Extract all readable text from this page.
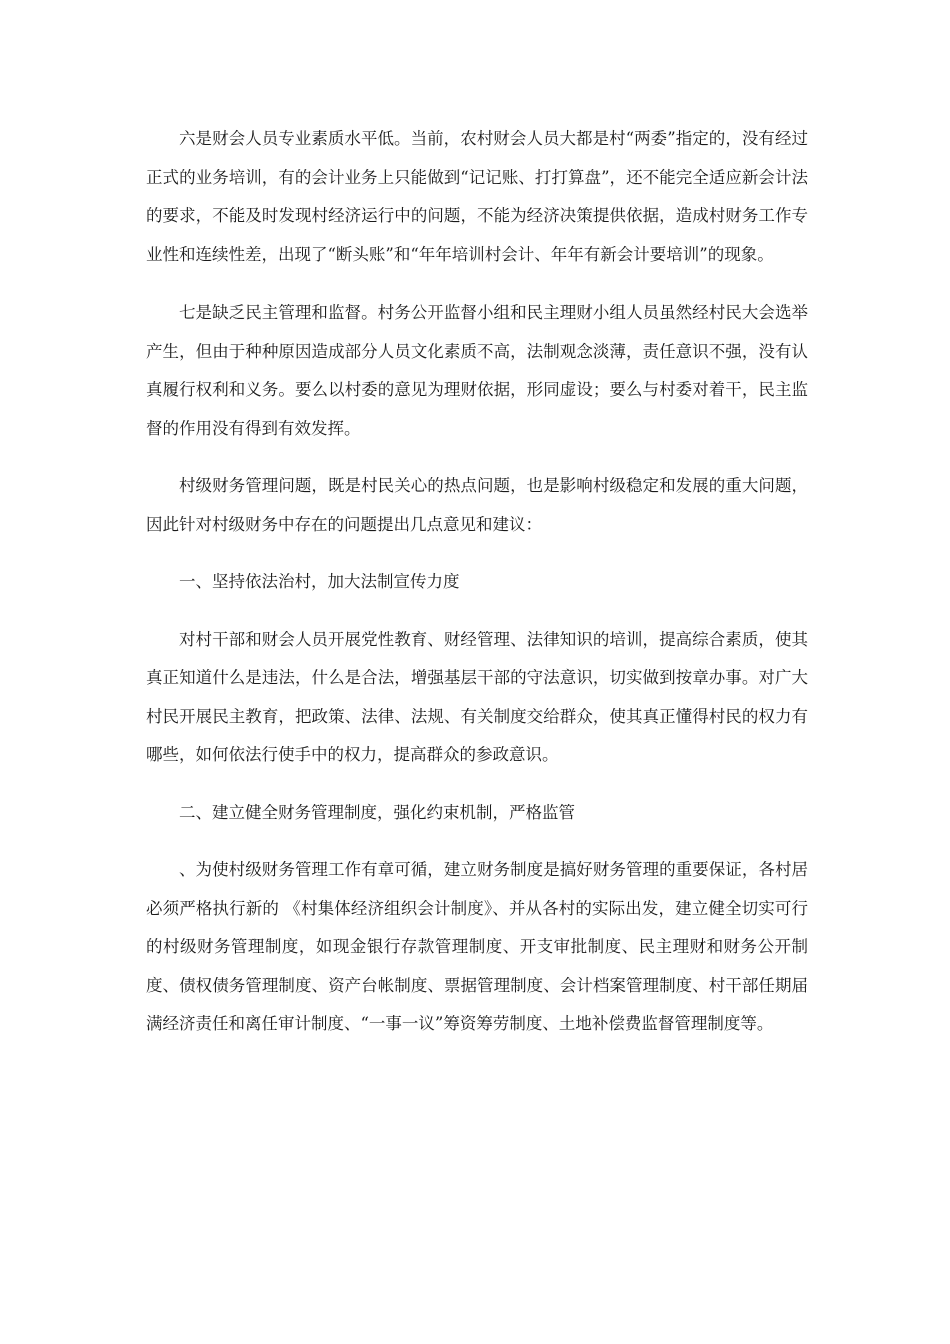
六是财会人员专业素质水平低。当前，农村财会人员大都是村“两委”指定的，没有经过正式的业务培训，有的会计业务上只能做到“记记账、打打算盘”，还不能完全适应新会计法的要求，不能及时发现村经济运行中的问题，不能为经济决策提供依据，造成村财务工作专业性和连续性差，出现了“断头账”和“年年培训村会计、年年有新会计要培训”的现象。

七是缺乏民主管理和监督。村务公开监督小组和民主理财小组人员虽然经村民大会选举产生，但由于种种原因造成部分人员文化素质不高，法制观念淡薄，责任意识不强，没有认真履行权利和义务。要么以村委的意见为理财依据，形同虚设；要么与村委对着干，民主监督的作用没有得到有效发挥。

村级财务管理问题，既是村民关心的热点问题，也是影响村级稳定和发展的重大问题，因此针对村级财务中存在的问题提出几点意见和建议：

一、坚持依法治村，加大法制宣传力度

对村干部和财会人员开展党性教育、财经管理、法律知识的培训，提高综合素质，使其真正知道什么是违法，什么是合法，增强基层干部的守法意识，切实做到按章办事。对广大村民开展民主教育，把政策、法律、法规、有关制度交给群众，使其真正懂得村民的权力有哪些，如何依法行使手中的权力，提高群众的参政意识。

二、建立健全财务管理制度，强化约束机制，严格监管

、为使村级财务管理工作有章可循，建立财务制度是搞好财务管理的重要保证，各村居必须严格执行新的 《村集体经济组织会计制度》、并从各村的实际出发，建立健全切实可行的村级财务管理制度，如现金银行存款管理制度、开支审批制度、民主理财和财务公开制度、债权债务管理制度、资产台帐制度、票据管理制度、会计档案管理制度、村干部任期届满经济责任和离任审计制度、“一事一议”筹资筹劳制度、土地补偿费监督管理制度等。
